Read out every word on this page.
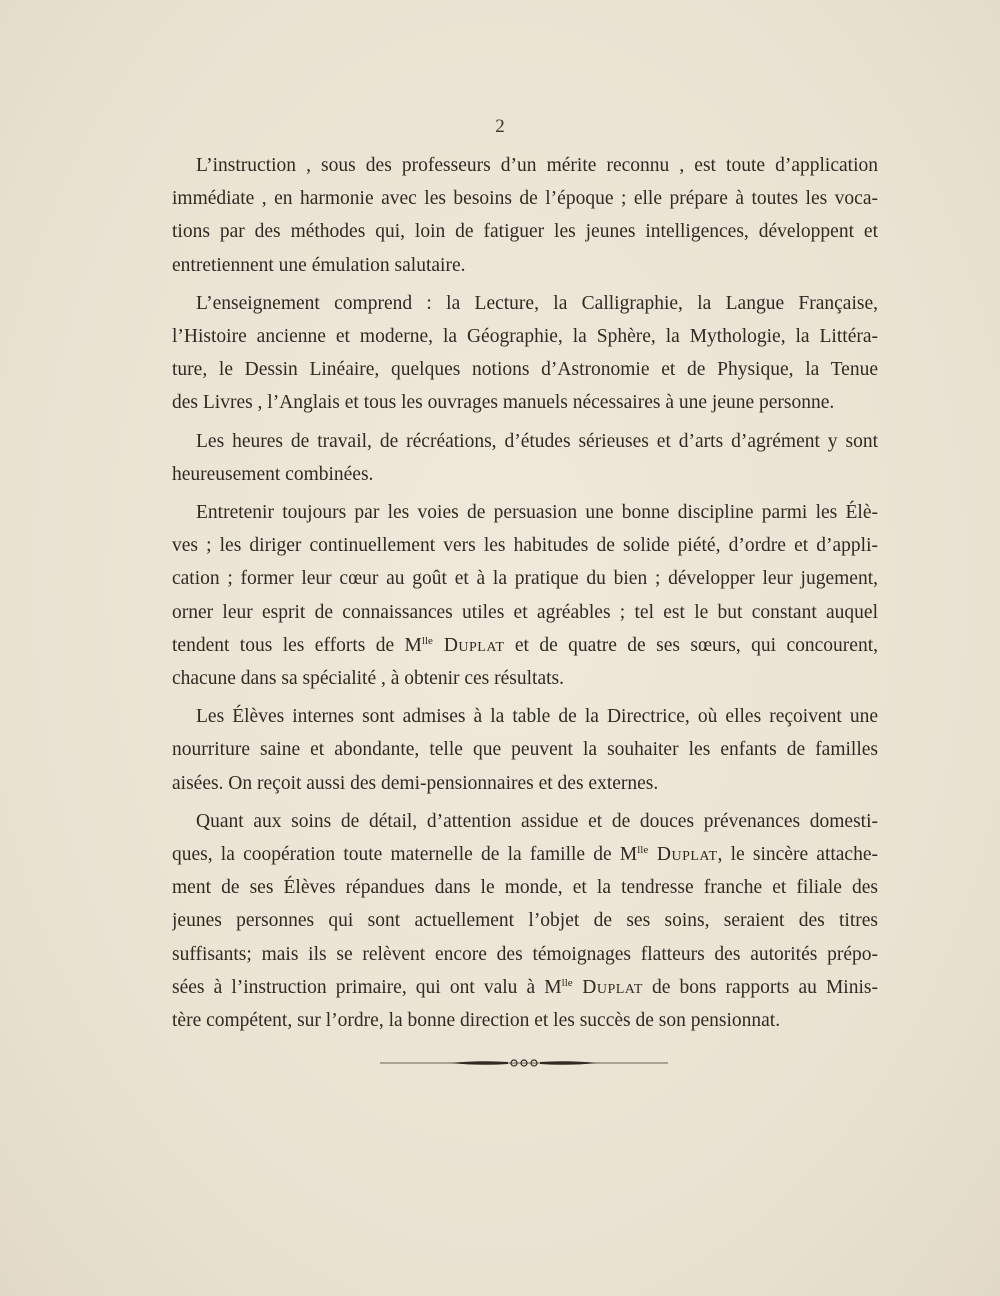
2
L’instruction , sous des professeurs d’un mérite reconnu , est toute d’application
immédiate , en harmonie avec les besoins de l’époque ; elle prépare à toutes les voca-
tions par des méthodes qui, loin de fatiguer les jeunes intelligences, développent et
entretiennent une émulation salutaire.
L’enseignement comprend : la Lecture, la Calligraphie, la Langue Française,
l’Histoire ancienne et moderne, la Géographie, la Sphère, la Mythologie, la Littéra-
ture, le Dessin Linéaire, quelques notions d’Astronomie et de Physique, la Tenue
des Livres , l’Anglais et tous les ouvrages manuels nécessaires à une jeune personne.
Les heures de travail, de récréations, d’études sérieuses et d’arts d’agrément y sont
heureusement combinées.
Entretenir toujours par les voies de persuasion une bonne discipline parmi les Élè-
ves ; les diriger continuellement vers les habitudes de solide piété, d’ordre et d’appli-
cation ; former leur cœur au goût et à la pratique du bien ; développer leur jugement,
orner leur esprit de connaissances utiles et agréables ; tel est le but constant auquel
tendent tous les efforts de $M^{lle}$ Duplat et de quatre de ses sœurs, qui concourent,
chacune dans sa spécialité , à obtenir ces résultats.
Les Élèves internes sont admises à la table de la Directrice, où elles reçoivent une
nourriture saine et abondante, telle que peuvent la souhaiter les enfants de familles
aisées. On reçoit aussi des demi-pensionnaires et des externes.
Quant aux soins de détail, d’attention assidue et de douces prévenances domesti-
ques, la coopération toute maternelle de la famille de $M^{lle}$ Duplat, le sincère attache-
ment de ses Élèves répandues dans le monde, et la tendresse franche et filiale des
jeunes personnes qui sont actuellement l’objet de ses soins, seraient des titres
suffisants; mais ils se relèvent encore des témoignages flatteurs des autorités prépo-
sées à l’instruction primaire, qui ont valu à $M^{lle}$ Duplat de bons rapports au Minis-
tère compétent, sur l’ordre, la bonne direction et les succès de son pensionnat.
